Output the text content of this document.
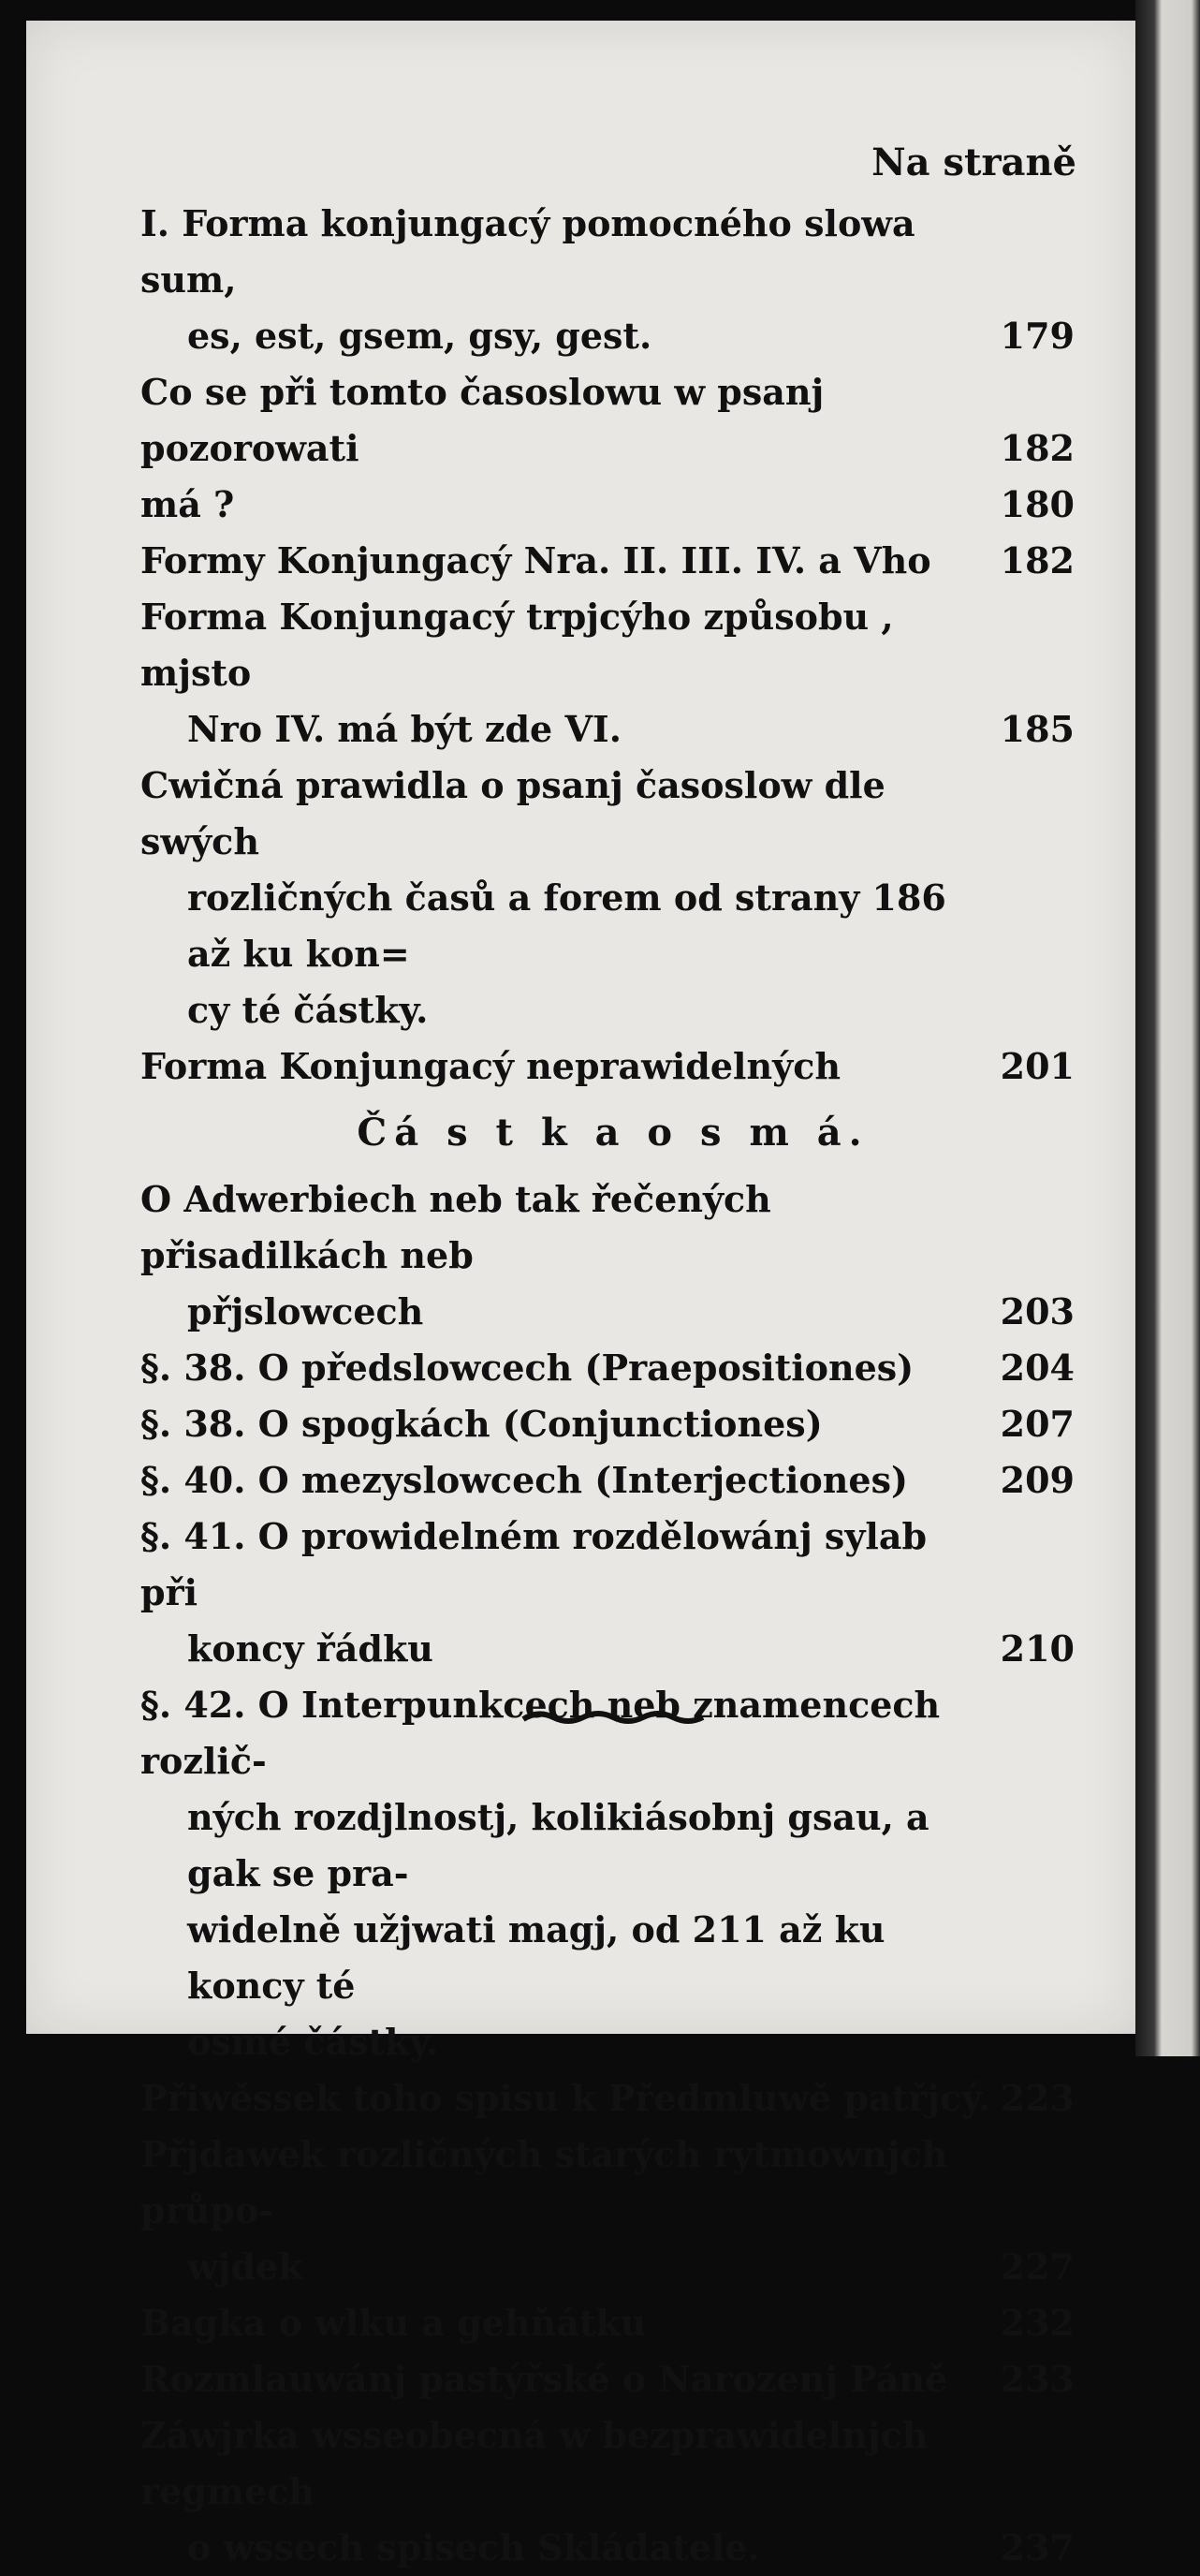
Na straně
I. Forma konjungacý pomocného slowa sum,
es, est, gsem, gsy, gest.	179
Co se při tomto časoslowu w psanj pozorowati	182
má ?	180
Formy Konjungacý Nra. II. III. IV. a Vho	182
Forma Konjungacý trpjcýho způsobu , mjsto
Nro IV. má být zde VI.	185
Cwičná prawidla o psanj časoslow dle swých
rozličných časů a forem od strany 186 až ku kon=
cy té částky.
Forma Konjungacý neprawidelných	201
Čá s t k a o s m á.
O Adwerbiech neb tak řečených přisadilkách neb
přjslowcech	203
§. 38. O předslowcech (Praepositiones)	204
§. 38. O spogkách (Conjunctiones)	207
§. 40. O mezyslowcech (Interjectiones)	209
§. 41. O prowidelném rozdělowánj sylab při
koncy řádku	210
§. 42. O Interpunkcech neb znamencech rozlič-
ných rozdjlnostj, kolikiásobnj gsau, a gak se pra-
widelně užjwati magj, od 211 až ku koncy té
osmé částky.
Přiwěssek toho spisu k Předmluwě patřjcý. 223
Přjdawek rozličných starých rytmownjch průpo-
wjdek	227
Bagka o wlku a gehňátku	232
Rozmlauwánj pastýřské o Narozenj Páně	233
Záwjrka wsseobecná w bezprawidelnjch regmech
o wssech spisech Skládatele.	237
